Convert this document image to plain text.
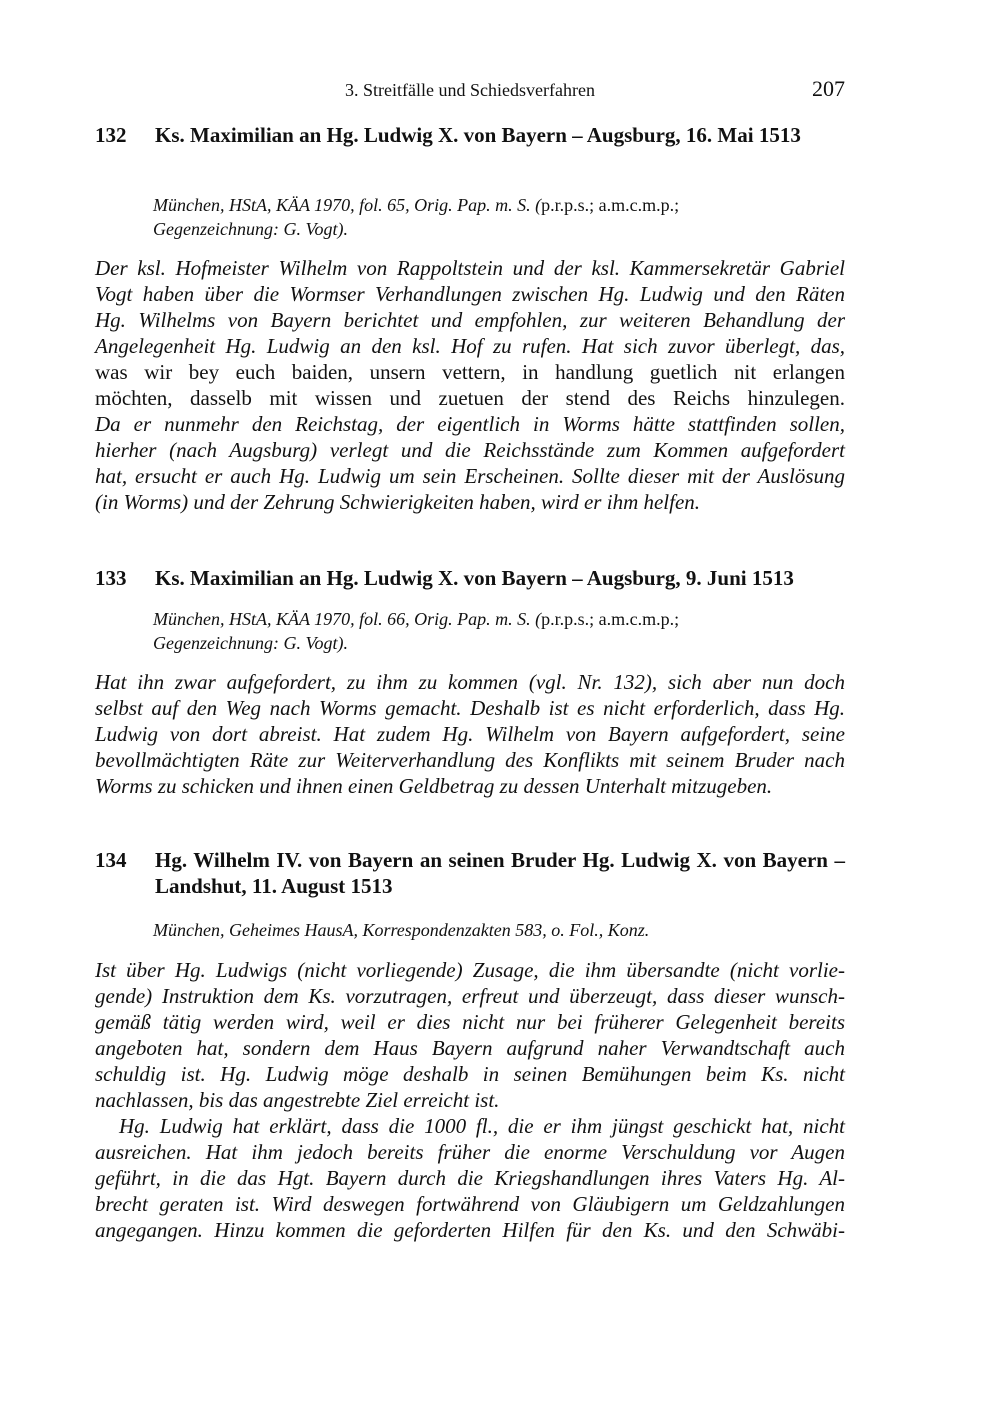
3. Streitfälle und Schiedsverfahren	207
132	Ks. Maximilian an Hg. Ludwig X. von Bayern – Augsburg, 16. Mai 1513
München, HStA, KÄA 1970, fol. 65, Orig. Pap. m. S. (p.r.p.s.; a.m.c.m.p.;
Gegenzeichnung: G. Vogt).
Der ksl. Hofmeister Wilhelm von Rappoltstein und der ksl. Kammersekretär Gabriel
Vogt haben über die Wormser Verhandlungen zwischen Hg. Ludwig und den Räten
Hg. Wilhelms von Bayern berichtet und empfohlen, zur weiteren Behandlung der
Angelegenheit Hg. Ludwig an den ksl. Hof zu rufen. Hat sich zuvor überlegt, das,
was wir bey euch baiden, unsern vettern, in handlung guetlich nit erlangen
möchten, dasselb mit wissen und zuetuen der stend des Reichs hinzulegen.
Da er nunmehr den Reichstag, der eigentlich in Worms hätte stattfinden sollen,
hierher (nach Augsburg) verlegt und die Reichsstände zum Kommen aufgefordert
hat, ersucht er auch Hg. Ludwig um sein Erscheinen. Sollte dieser mit der Auslösung
(in Worms) und der Zehrung Schwierigkeiten haben, wird er ihm helfen.
133	Ks. Maximilian an Hg. Ludwig X. von Bayern – Augsburg, 9. Juni 1513
München, HStA, KÄA 1970, fol. 66, Orig. Pap. m. S. (p.r.p.s.; a.m.c.m.p.;
Gegenzeichnung: G. Vogt).
Hat ihn zwar aufgefordert, zu ihm zu kommen (vgl. Nr. 132), sich aber nun doch
selbst auf den Weg nach Worms gemacht. Deshalb ist es nicht erforderlich, dass Hg.
Ludwig von dort abreist. Hat zudem Hg. Wilhelm von Bayern aufgefordert, seine
bevollmächtigten Räte zur Weiterverhandlung des Konflikts mit seinem Bruder nach
Worms zu schicken und ihnen einen Geldbetrag zu dessen Unterhalt mitzugeben.
134	Hg. Wilhelm IV. von Bayern an seinen Bruder Hg. Ludwig X. von Bayern – Landshut, 11. August 1513
München, Geheimes HausA, Korrespondenzakten 583, o. Fol., Konz.
Ist über Hg. Ludwigs (nicht vorliegende) Zusage, die ihm übersandte (nicht vorlie-
gende) Instruktion dem Ks. vorzutragen, erfreut und überzeugt, dass dieser wunsch-
gemäß tätig werden wird, weil er dies nicht nur bei früherer Gelegenheit bereits
angeboten hat, sondern dem Haus Bayern aufgrund naher Verwandtschaft auch
schuldig ist. Hg. Ludwig möge deshalb in seinen Bemühungen beim Ks. nicht
nachlassen, bis das angestrebte Ziel erreicht ist.
Hg. Ludwig hat erklärt, dass die 1000 fl., die er ihm jüngst geschickt hat, nicht
ausreichen. Hat ihm jedoch bereits früher die enorme Verschuldung vor Augen
geführt, in die das Hgt. Bayern durch die Kriegshandlungen ihres Vaters Hg. Al-
brecht geraten ist. Wird deswegen fortwährend von Gläubigern um Geldzahlungen
angegangen. Hinzu kommen die geforderten Hilfen für den Ks. und den Schwäbi-
